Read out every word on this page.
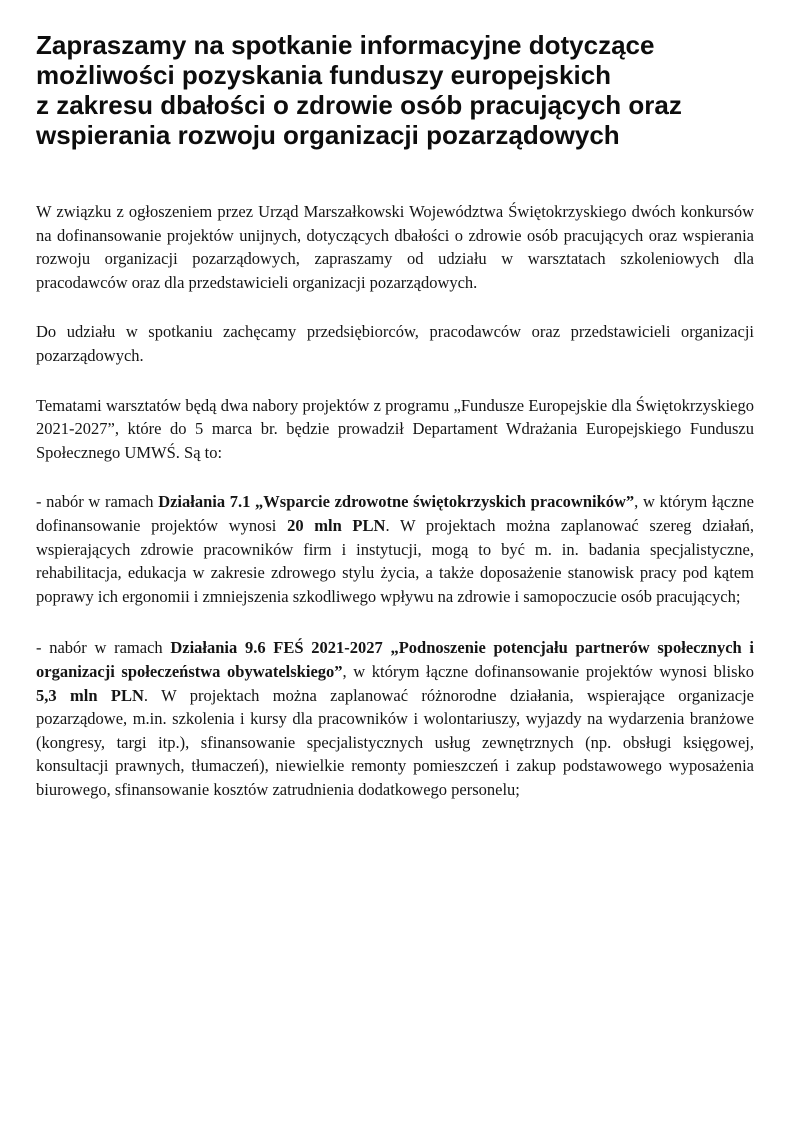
Zapraszamy na spotkanie informacyjne dotyczące
możliwości pozyskania funduszy europejskich
z zakresu dbałości o zdrowie osób pracujących oraz
wspierania rozwoju organizacji pozarządowych

W związku z ogłoszeniem przez Urząd Marszałkowski Województwa Świętokrzyskiego dwóch konkursów na dofinansowanie projektów unijnych, dotyczących dbałości o zdrowie osób pracujących oraz wspierania rozwoju organizacji pozarządowych, zapraszamy od udziału w warsztatach szkoleniowych dla pracodawców oraz dla przedstawicieli organizacji pozarządowych.

Do udziału w spotkaniu zachęcamy przedsiębiorców, pracodawców oraz przedstawicieli organizacji pozarządowych.

Tematami warsztatów będą dwa nabory projektów z programu „Fundusze Europejskie dla Świętokrzyskiego 2021-2027”, które do 5 marca br. będzie prowadził Departament Wdrażania Europejskiego Funduszu Społecznego UMWŚ. Są to:

- nabór w ramach Działania 7.1 „Wsparcie zdrowotne świętokrzyskich pracowników”, w którym łączne dofinansowanie projektów wynosi 20 mln PLN. W projektach można zaplanować szereg działań, wspierających zdrowie pracowników firm i instytucji, mogą to być m. in. badania specjalistyczne, rehabilitacja, edukacja w zakresie zdrowego stylu życia, a także doposażenie stanowisk pracy pod kątem poprawy ich ergonomii i zmniejszenia szkodliwego wpływu na zdrowie i samopoczucie osób pracujących;

- nabór w ramach Działania 9.6 FEŚ 2021-2027 „Podnoszenie potencjału partnerów społecznych i organizacji społeczeństwa obywatelskiego”, w którym łączne dofinansowanie projektów wynosi blisko 5,3 mln PLN. W projektach można zaplanować różnorodne działania, wspierające organizacje pozarządowe, m.in. szkolenia i kursy dla pracowników i wolontariuszy, wyjazdy na wydarzenia branżowe (kongresy, targi itp.), sfinansowanie specjalistycznych usług zewnętrznych (np. obsługi księgowej, konsultacji prawnych, tłumaczeń), niewielkie remonty pomieszczeń i zakup podstawowego wyposażenia biurowego, sfinansowanie kosztów zatrudnienia dodatkowego personelu;
